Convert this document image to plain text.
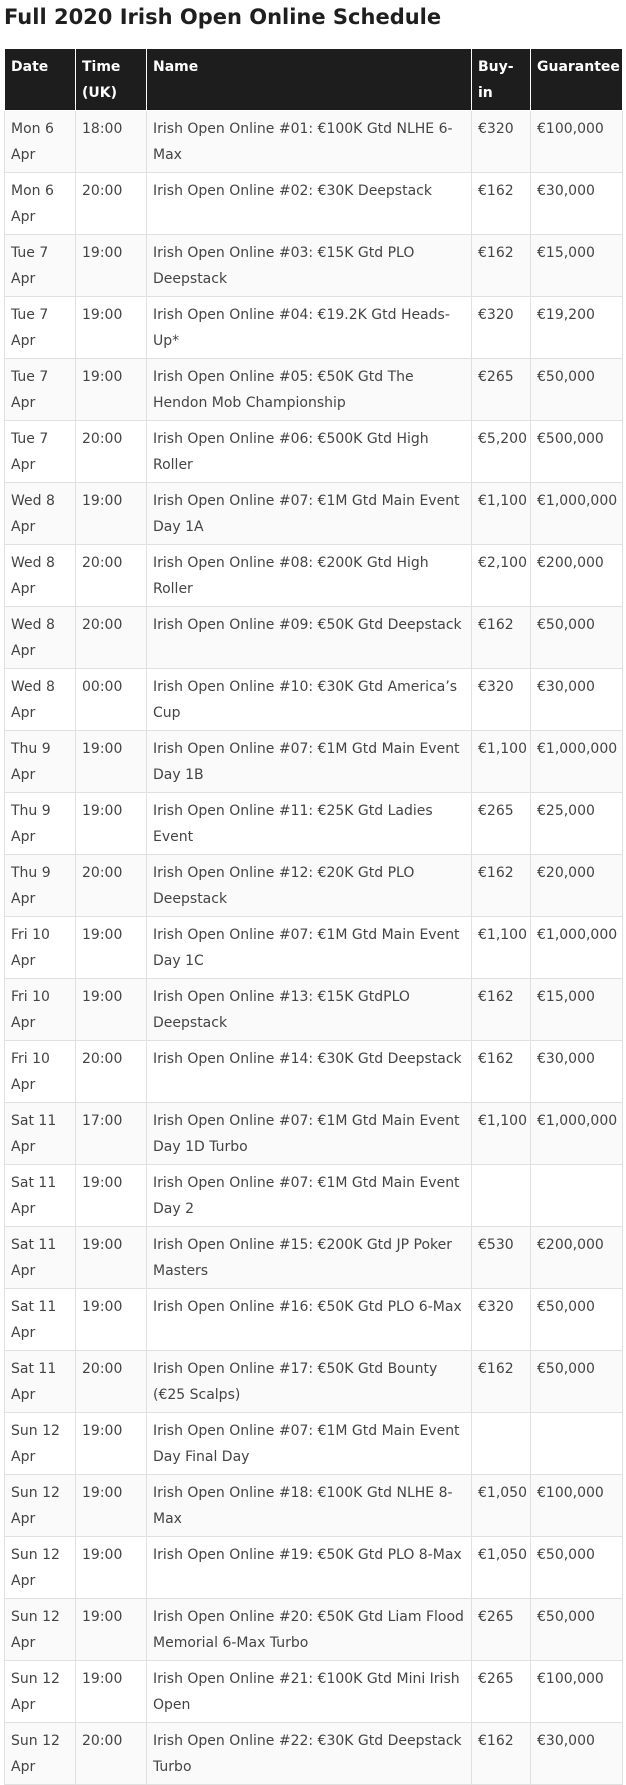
Full 2020 Irish Open Online Schedule
Date	Time (UK)	Name	Buy-in	Guarantee
Mon 6 Apr	18:00	Irish Open Online #01: €100K Gtd NLHE 6-Max	€320	€100,000
Mon 6 Apr	20:00	Irish Open Online #02: €30K Deepstack	€162	€30,000
Tue 7 Apr	19:00	Irish Open Online #03: €15K Gtd PLO Deepstack	€162	€15,000
Tue 7 Apr	19:00	Irish Open Online #04: €19.2K Gtd Heads-Up*	€320	€19,200
Tue 7 Apr	19:00	Irish Open Online #05: €50K Gtd The Hendon Mob Championship	€265	€50,000
Tue 7 Apr	20:00	Irish Open Online #06: €500K Gtd High Roller	€5,200	€500,000
Wed 8 Apr	19:00	Irish Open Online #07: €1M Gtd Main Event Day 1A	€1,100	€1,000,000
Wed 8 Apr	20:00	Irish Open Online #08: €200K Gtd High Roller	€2,100	€200,000
Wed 8 Apr	20:00	Irish Open Online #09: €50K Gtd Deepstack	€162	€50,000
Wed 8 Apr	00:00	Irish Open Online #10: €30K Gtd America’s Cup	€320	€30,000
Thu 9 Apr	19:00	Irish Open Online #07: €1M Gtd Main Event Day 1B	€1,100	€1,000,000
Thu 9 Apr	19:00	Irish Open Online #11: €25K Gtd Ladies Event	€265	€25,000
Thu 9 Apr	20:00	Irish Open Online #12: €20K Gtd PLO Deepstack	€162	€20,000
Fri 10 Apr	19:00	Irish Open Online #07: €1M Gtd Main Event Day 1C	€1,100	€1,000,000
Fri 10 Apr	19:00	Irish Open Online #13: €15K GtdPLO Deepstack	€162	€15,000
Fri 10 Apr	20:00	Irish Open Online #14: €30K Gtd Deepstack	€162	€30,000
Sat 11 Apr	17:00	Irish Open Online #07: €1M Gtd Main Event Day 1D Turbo	€1,100	€1,000,000
Sat 11 Apr	19:00	Irish Open Online #07: €1M Gtd Main Event Day 2		
Sat 11 Apr	19:00	Irish Open Online #15: €200K Gtd JP Poker Masters	€530	€200,000
Sat 11 Apr	19:00	Irish Open Online #16: €50K Gtd PLO 6-Max	€320	€50,000
Sat 11 Apr	20:00	Irish Open Online #17: €50K Gtd Bounty (€25 Scalps)	€162	€50,000
Sun 12 Apr	19:00	Irish Open Online #07: €1M Gtd Main Event Day Final Day		
Sun 12 Apr	19:00	Irish Open Online #18: €100K Gtd NLHE 8-Max	€1,050	€100,000
Sun 12 Apr	19:00	Irish Open Online #19: €50K Gtd PLO 8-Max	€1,050	€50,000
Sun 12 Apr	19:00	Irish Open Online #20: €50K Gtd Liam Flood Memorial 6-Max Turbo	€265	€50,000
Sun 12 Apr	19:00	Irish Open Online #21: €100K Gtd Mini Irish Open	€265	€100,000
Sun 12 Apr	20:00	Irish Open Online #22: €30K Gtd Deepstack Turbo	€162	€30,000
